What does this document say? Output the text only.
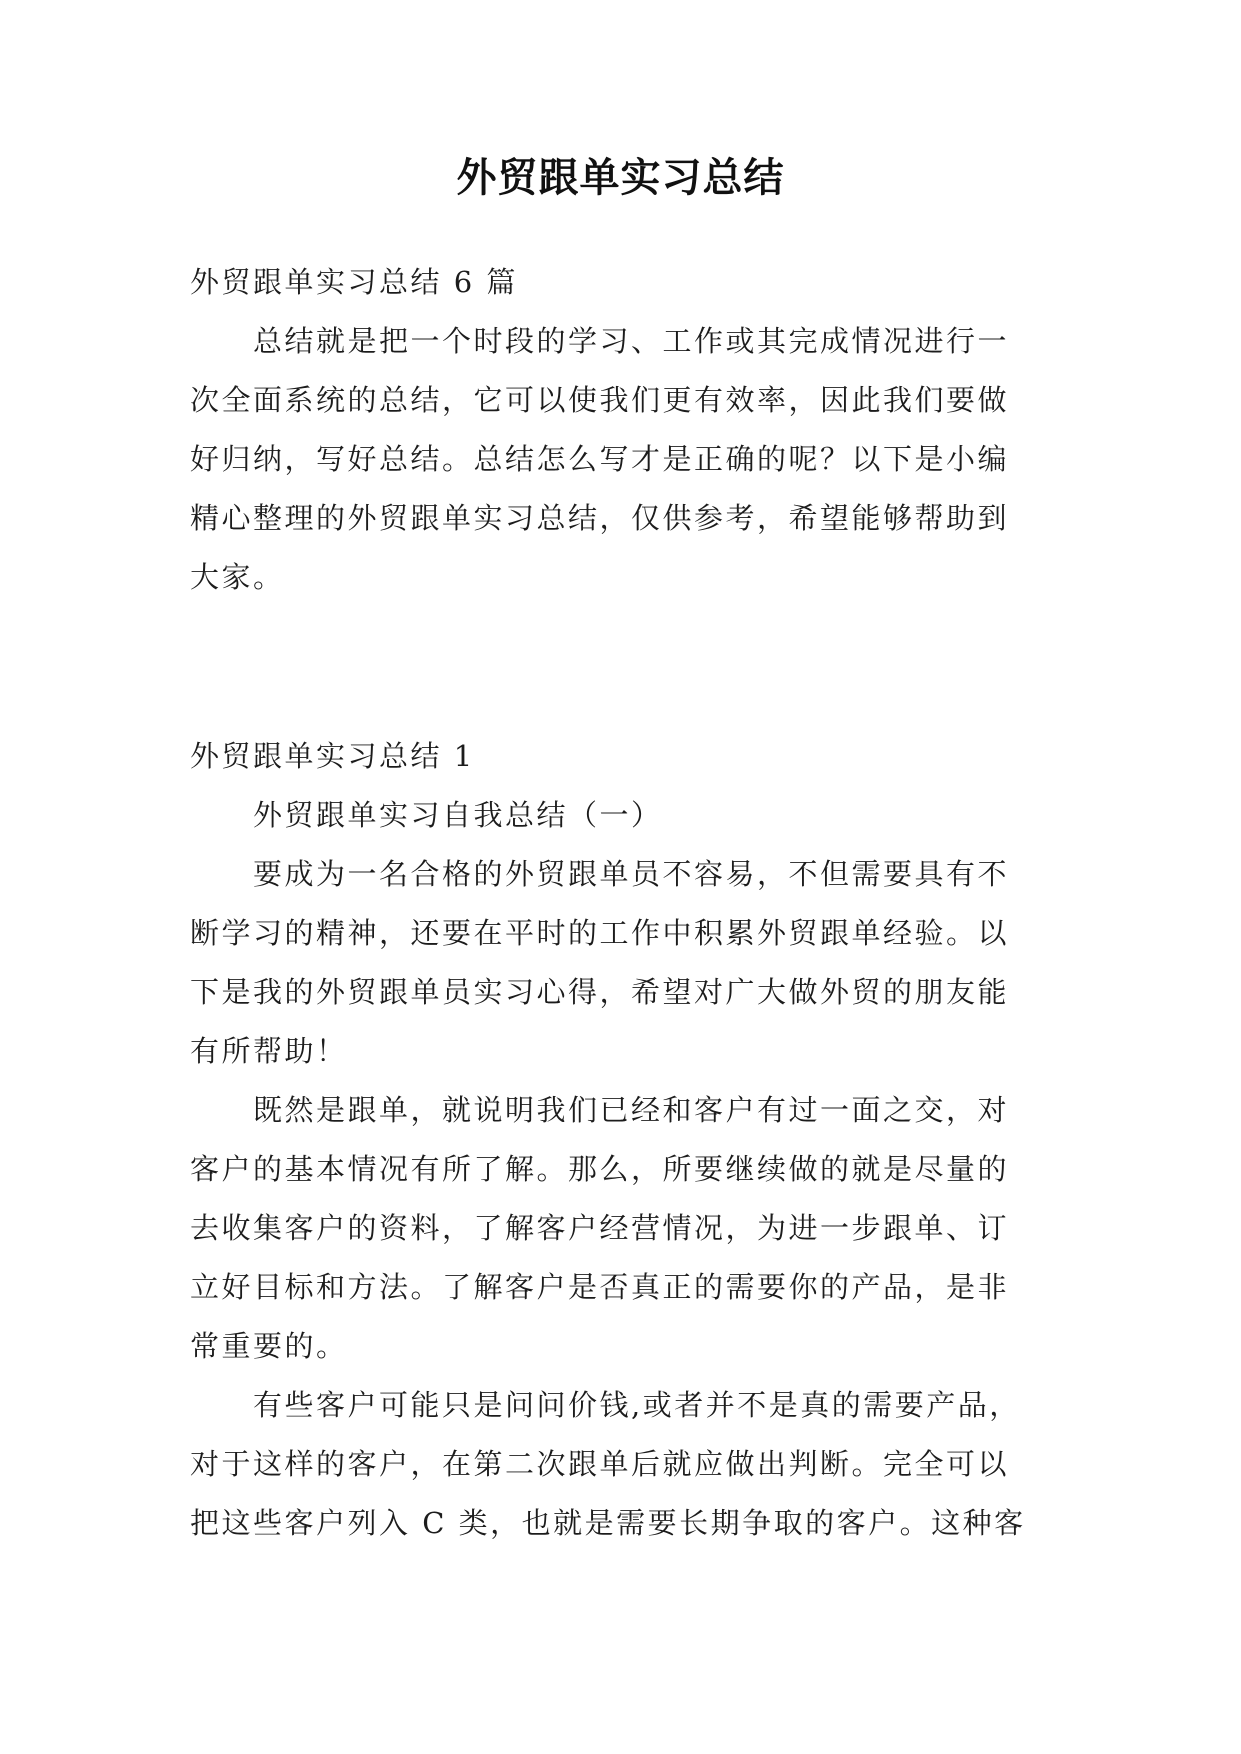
外贸跟单实习总结
外贸跟单实习总结 6 篇
　　总结就是把一个时段的学习、工作或其完成情况进行一
次全面系统的总结，它可以使我们更有效率，因此我们要做
好归纳，写好总结。总结怎么写才是正确的呢？以下是小编
精心整理的外贸跟单实习总结，仅供参考，希望能够帮助到
大家。
外贸跟单实习总结 1
　　外贸跟单实习自我总结（一）
　　要成为一名合格的外贸跟单员不容易，不但需要具有不
断学习的精神，还要在平时的工作中积累外贸跟单经验。以
下是我的外贸跟单员实习心得，希望对广大做外贸的朋友能
有所帮助！
　　既然是跟单，就说明我们已经和客户有过一面之交，对
客户的基本情况有所了解。那么，所要继续做的就是尽量的
去收集客户的资料，了解客户经营情况，为进一步跟单、订
立好目标和方法。了解客户是否真正的需要你的产品，是非
常重要的。
　　有些客户可能只是问问价钱,或者并不是真的需要产品，
对于这样的客户，在第二次跟单后就应做出判断。完全可以
把这些客户列入 C 类，也就是需要长期争取的客户。这种客
